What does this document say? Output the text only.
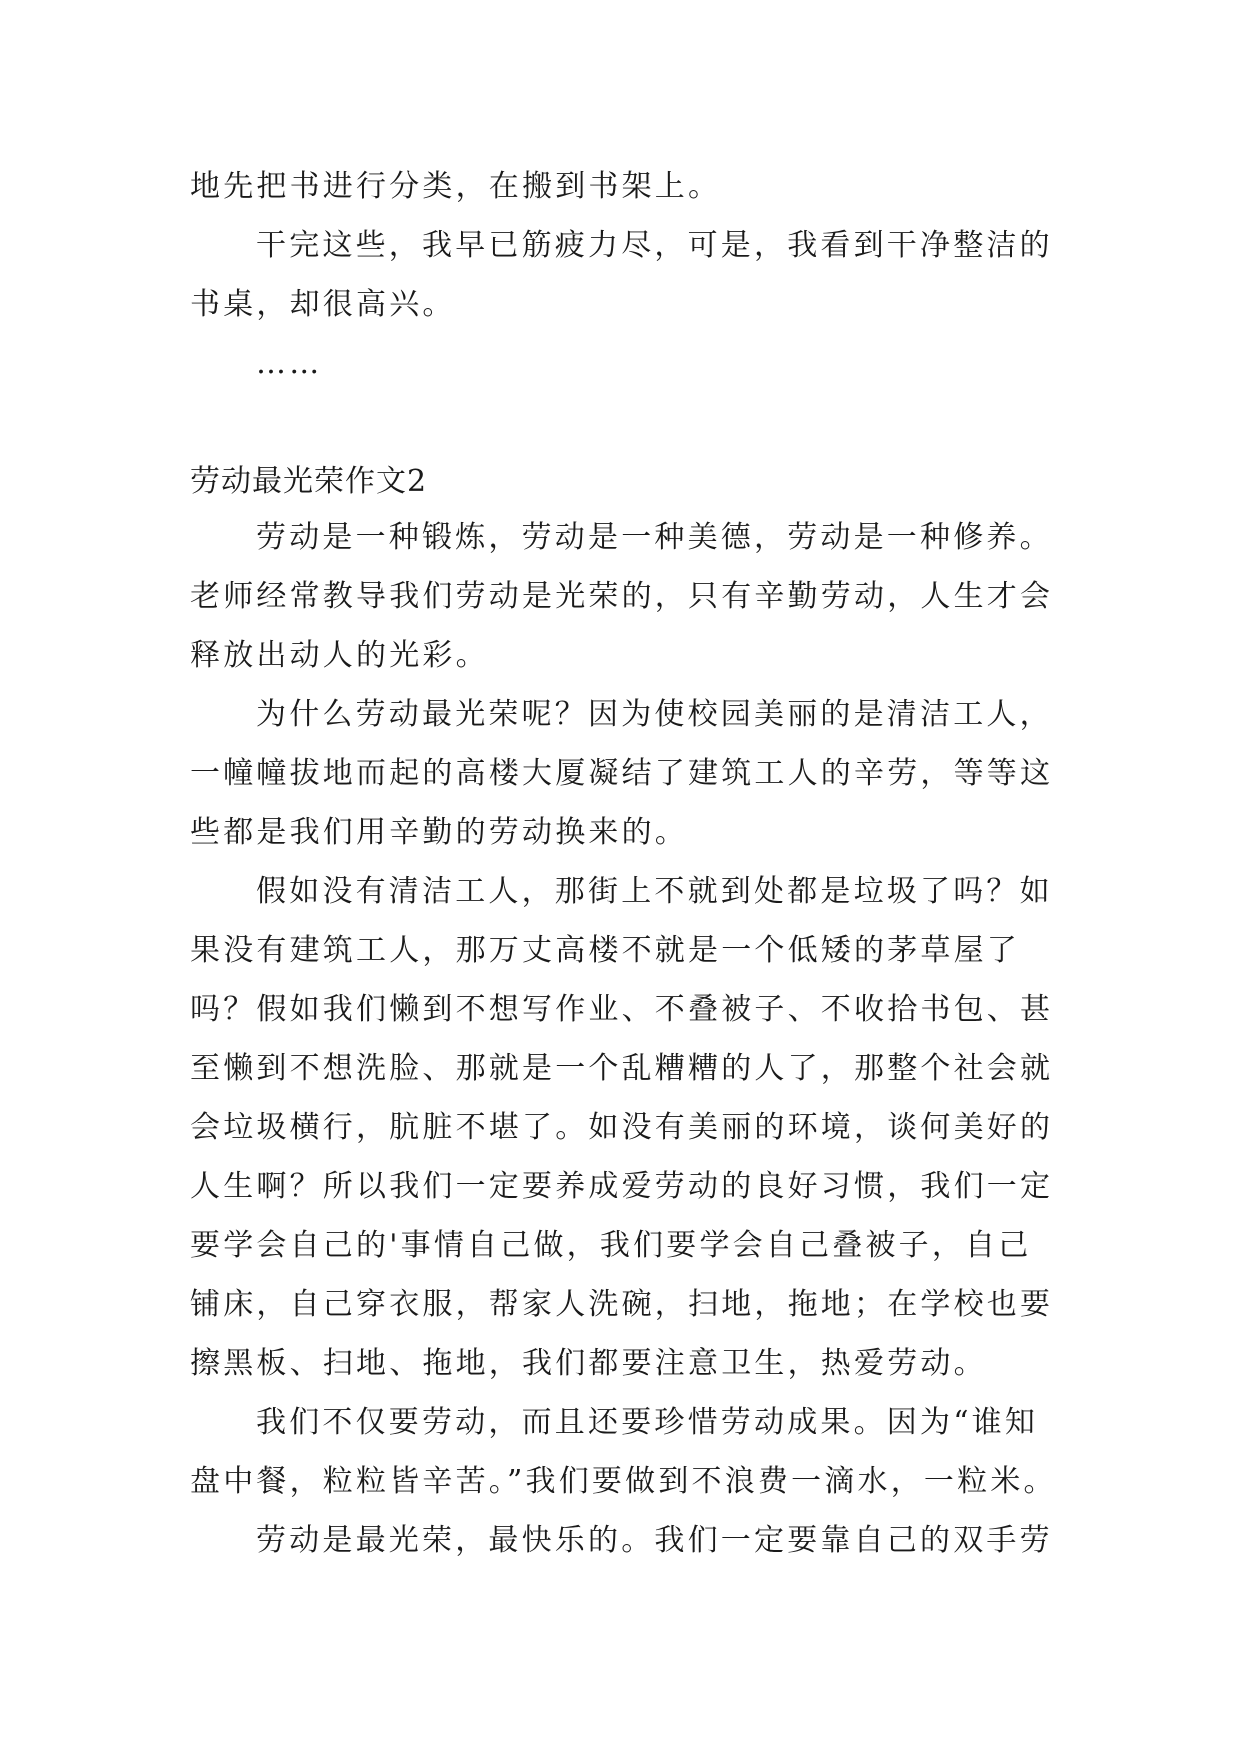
地先把书进行分类，在搬到书架上。
干完这些，我早已筋疲力尽，可是，我看到干净整洁的
书桌，却很高兴。
……
劳动最光荣作文2
劳动是一种锻炼，劳动是一种美德，劳动是一种修养。
老师经常教导我们劳动是光荣的，只有辛勤劳动，人生才会
释放出动人的光彩。
为什么劳动最光荣呢？因为使校园美丽的是清洁工人，
一幢幢拔地而起的高楼大厦凝结了建筑工人的辛劳，等等这
些都是我们用辛勤的劳动换来的。
假如没有清洁工人，那街上不就到处都是垃圾了吗？如
果没有建筑工人，那万丈高楼不就是一个低矮的茅草屋了
吗？假如我们懒到不想写作业、不叠被子、不收拾书包、甚
至懒到不想洗脸、那就是一个乱糟糟的人了，那整个社会就
会垃圾横行，肮脏不堪了。如没有美丽的环境，谈何美好的
人生啊？所以我们一定要养成爱劳动的良好习惯，我们一定
要学会自己的'事情自己做，我们要学会自己叠被子，自己
铺床，自己穿衣服，帮家人洗碗，扫地，拖地；在学校也要
擦黑板、扫地、拖地，我们都要注意卫生，热爱劳动。
我们不仅要劳动，而且还要珍惜劳动成果。因为“谁知
盘中餐，粒粒皆辛苦。”我们要做到不浪费一滴水，一粒米。
劳动是最光荣，最快乐的。我们一定要靠自己的双手劳
